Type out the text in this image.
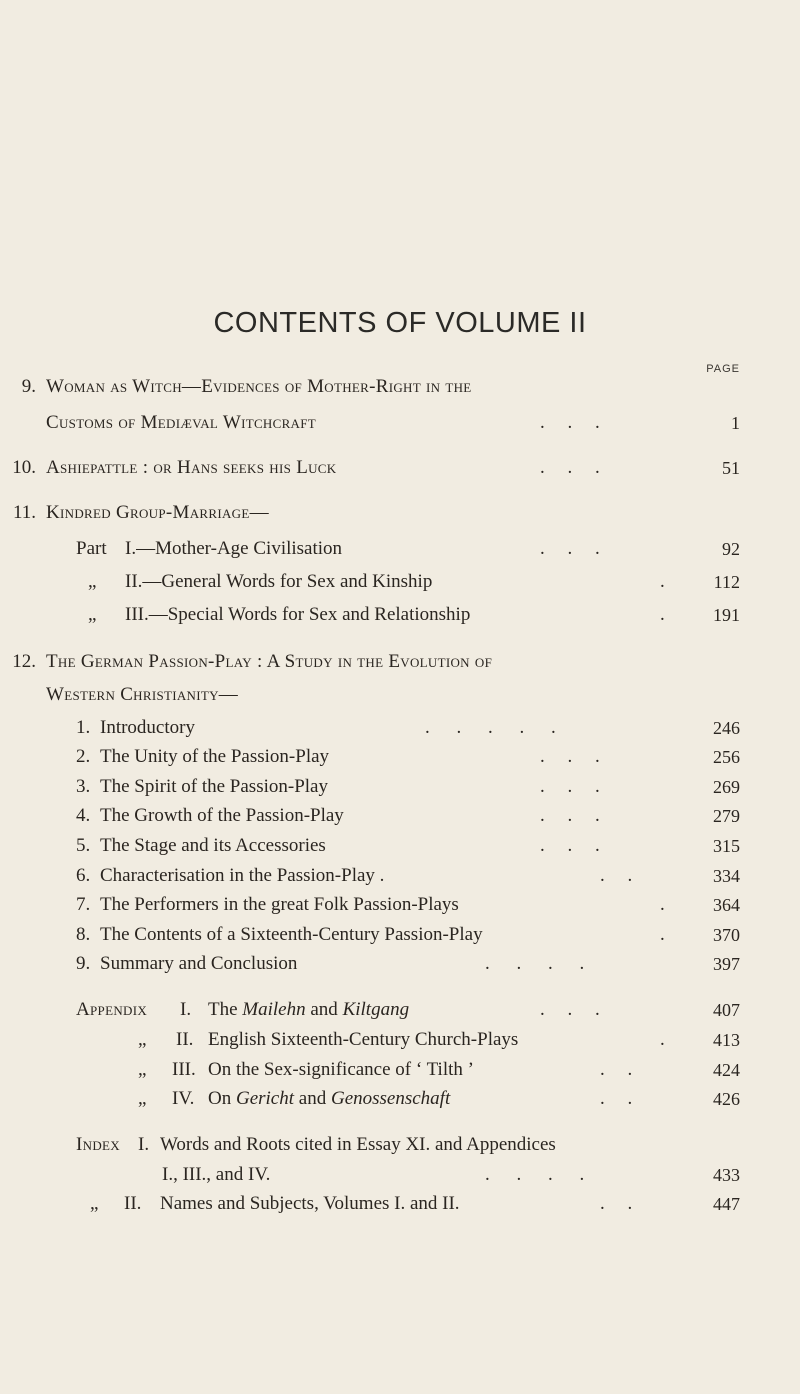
CONTENTS OF VOLUME II
PAGE
9. Woman as Witch—Evidences of Mother-Right in the
Customs of Mediæval Witchcraft	. . .	1
10. Ashiepattle : or Hans seeks his Luck	. . .	51
11. Kindred Group-Marriage—
Part I.—Mother-Age Civilisation	. . .	92
„ II.—General Words for Sex and Kinship	.	112
„ III.—Special Words for Sex and Relationship	.	191
12. The German Passion-Play : A Study in the Evolution of
Western Christianity—
1. Introductory	. . . . .	246
2. The Unity of the Passion-Play	. . .	256
3. The Spirit of the Passion-Play	. . .	269
4. The Growth of the Passion-Play	. . .	279
5. The Stage and its Accessories	. . .	315
6. Characterisation in the Passion-Play .	. .	334
7. The Performers in the great Folk Passion-Plays	.	364
8. The Contents of a Sixteenth-Century Passion-Play	.	370
9. Summary and Conclusion	. . . .	397
Appendix I. The Mailehn and Kiltgang	. . .	407
„ II. English Sixteenth-Century Church-Plays	.	413
„ III. On the Sex-significance of ‘ Tilth ’	. .	424
„ IV. On Gericht and Genossenschaft	. .	426
Index I. Words and Roots cited in Essay XI. and Appendices
I., III., and IV.	. . . .	433
„ II. Names and Subjects, Volumes I. and II.	. .	447
